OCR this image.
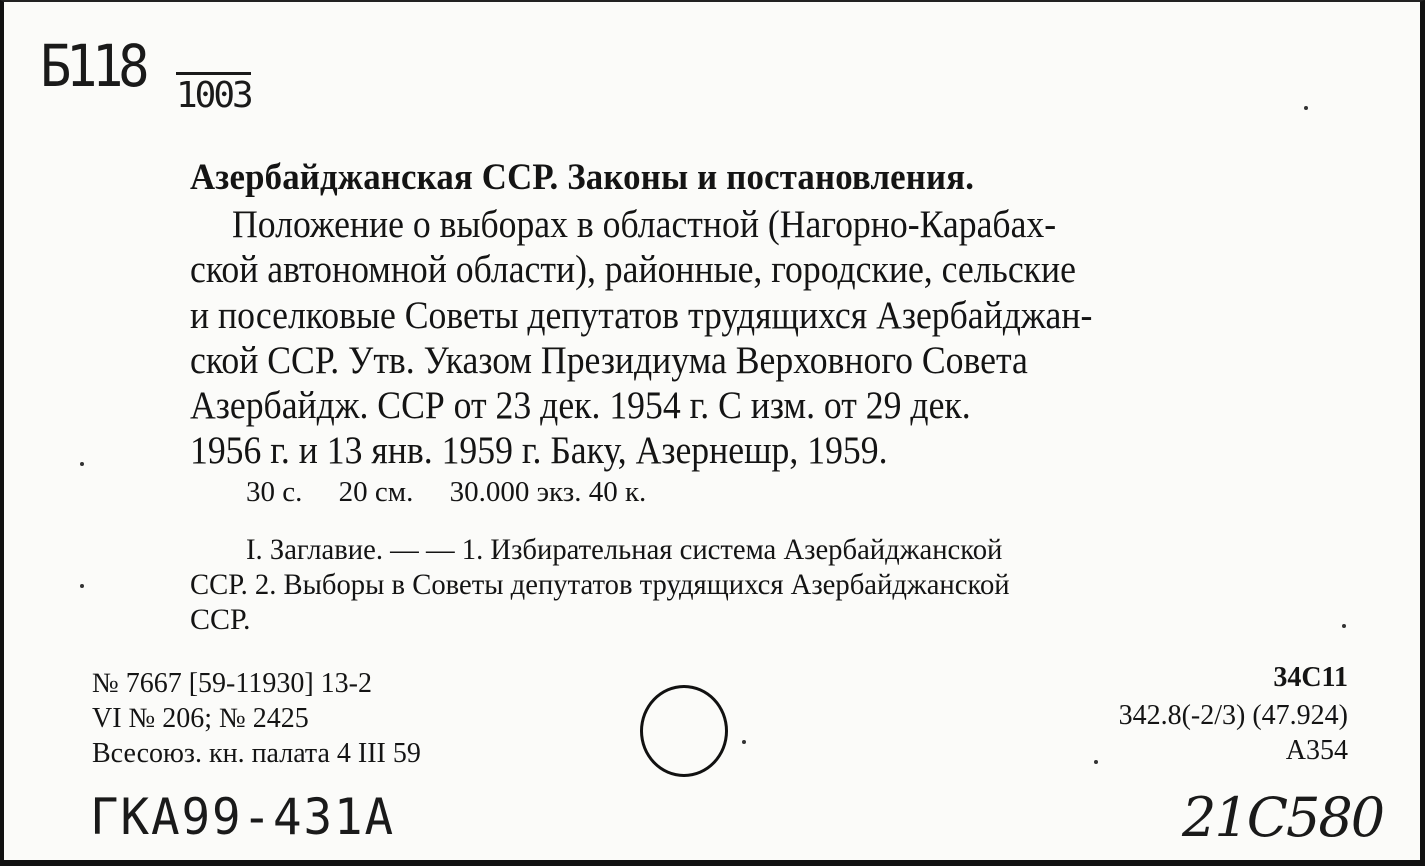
Б118 1003
Азербайджанская ССР. Законы и постановления.
Положение о выборах в областной (Нагорно-Карабах-
ской автономной области), районные, городские, сельские
и поселковые Советы депутатов трудящихся Азербайджан-
ской ССР. Утв. Указом Президиума Верховного Совета
Азербайдж. ССР от 23 дек. 1954 г. С изм. от 29 дек.
1956 г. и 13 янв. 1959 г. Баку, Азернешр, 1959.
30 с.     20 см.     30.000 экз. 40 к.
I. Заглавие. — — 1. Избирательная система Азербайджанской
ССР. 2. Выборы в Советы депутатов трудящихся Азербайджанской
ССР.
№ 7667 [59-11930] 13-2
VI № 206; № 2425
Всесоюз. кн. палата 4 III 59
34C11
342.8(-2/3) (47.924)
А354
ГКА99-431А	21C580
